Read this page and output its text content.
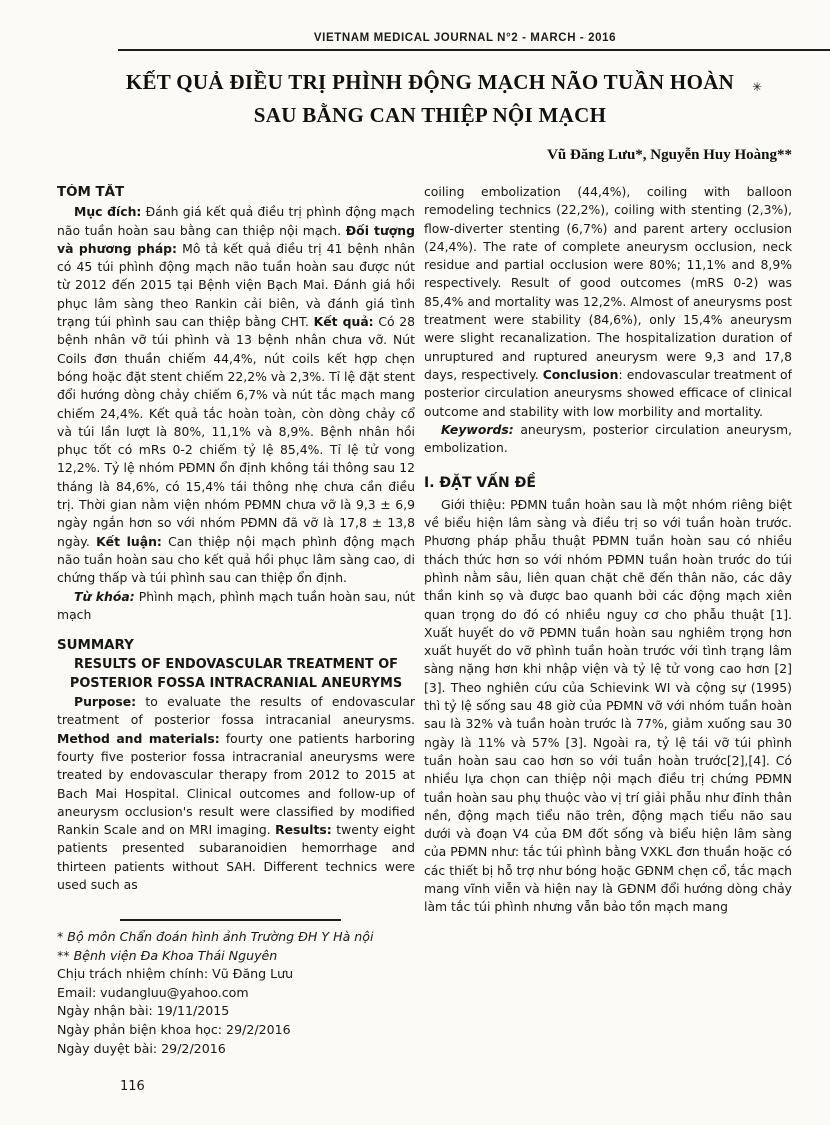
VIETNAM MEDICAL JOURNAL N°2 - MARCH - 2016
KẾT QUẢ ĐIỀU TRỊ PHÌNH ĐỘNG MẠCH NÃO TUẦN HOÀN
SAU BẰNG CAN THIỆP NỘI MẠCH
✳
Vũ Đăng Lưu*, Nguyễn Huy Hoàng**
TÓM TẮT

Mục đích: Đánh giá kết quả điều trị phình động mạch não tuần hoàn sau bằng can thiệp nội mạch. Đối tượng và phương pháp: Mô tả kết quả điều trị 41 bệnh nhân có 45 túi phình động mạch não tuần hoàn sau được nút từ 2012 đến 2015 tại Bệnh viện Bạch Mai. Đánh giá hồi phục lâm sàng theo Rankin cải biên, và đánh giá tình trạng túi phình sau can thiệp bằng CHT. Kết quả: Có 28 bệnh nhân vỡ túi phình và 13 bệnh nhân chưa vỡ. Nút Coils đơn thuần chiếm 44,4%, nút coils kết hợp chẹn bóng hoặc đặt stent chiếm 22,2% và 2,3%. Tỉ lệ đặt stent đổi hướng dòng chảy chiếm 6,7% và nút tắc mạch mang chiếm 24,4%. Kết quả tắc hoàn toàn, còn dòng chảy cổ và túi lần lượt là 80%, 11,1% và 8,9%. Bệnh nhân hồi phục tốt có mRs 0-2 chiếm tỷ lệ 85,4%. Tỉ lệ tử vong 12,2%. Tỷ lệ nhóm PĐMN ổn định không tái thông sau 12 tháng là 84,6%, có 15,4% tái thông nhẹ chưa cần điều trị. Thời gian nằm viện nhóm PĐMN chưa vỡ là 9,3 ± 6,9 ngày ngắn hơn so với nhóm PĐMN đã vỡ là 17,8 ± 13,8 ngày. Kết luận: Can thiệp nội mạch phình động mạch não tuần hoàn sau cho kết quả hồi phục lâm sàng cao, di chứng thấp và túi phình sau can thiệp ổn định.

Từ khóa: Phình mạch, phình mạch tuần hoàn sau, nút mạch

SUMMARY
RESULTS OF ENDOVASCULAR TREATMENT OF POSTERIOR FOSSA INTRACRANIAL ANEURYMS

Purpose: to evaluate the results of endovascular treatment of posterior fossa intracanial aneurysms. Method and materials: fourty one patients harboring fourty five posterior fossa intracranial aneurysms were treated by endovascular therapy from 2012 to 2015 at Bach Mai Hospital. Clinical outcomes and follow-up of aneurysm occlusion's result were classified by modified Rankin Scale and on MRI imaging. Results: twenty eight patients presented subaranoidien hemorrhage and thirteen patients without SAH. Different technics were used such as

coiling embolization (44,4%), coiling with balloon remodeling technics (22,2%), coiling with stenting (2,3%), flow-diverter stenting (6,7%) and parent artery occlusion (24,4%). The rate of complete aneurysm occlusion, neck residue and partial occlusion were 80%; 11,1% and 8,9% respectively. Result of good outcomes (mRS 0-2) was 85,4% and mortality was 12,2%. Almost of aneurysms post treatment were stability (84,6%), only 15,4% aneurysm were slight recanalization. The hospitalization duration of unruptured and ruptured aneurysm were 9,3 and 17,8 days, respectively. Conclusion: endovascular treatment of posterior circulation aneurysms showed efficace of clinical outcome and stability with low morbility and mortality.

Keywords: aneurysm, posterior circulation aneurysm, embolization.

I. ĐẶT VẤN ĐỀ

Giới thiệu: PĐMN tuần hoàn sau là một nhóm riêng biệt về biểu hiện lâm sàng và điều trị so với tuần hoàn trước. Phương pháp phẫu thuật PĐMN tuần hoàn sau có nhiều thách thức hơn so với nhóm PĐMN tuần hoàn trước do túi phình nằm sâu, liên quan chặt chẽ đến thân não, các dây thần kinh sọ và được bao quanh bởi các động mạch xiên quan trọng do đó có nhiều nguy cơ cho phẫu thuật [1]. Xuất huyết do vỡ PĐMN tuần hoàn sau nghiêm trọng hơn xuất huyết do vỡ phình tuần hoàn trước với tình trạng lâm sàng nặng hơn khi nhập viện và tỷ lệ tử vong cao hơn [2][3]. Theo nghiên cứu của Schievink WI và cộng sự (1995) thì tỷ lệ sống sau 48 giờ của PĐMN vỡ với nhóm tuần hoàn sau là 32% và tuần hoàn trước là 77%, giảm xuống sau 30 ngày là 11% và 57% [3]. Ngoài ra, tỷ lệ tái vỡ túi phình tuần hoàn sau cao hơn so với tuần hoàn trước[2],[4]. Có nhiều lựa chọn can thiệp nội mạch điều trị chứng PĐMN tuần hoàn sau phụ thuộc vào vị trí giải phẫu như đỉnh thân nền, động mạch tiểu não trên, động mạch tiểu não sau dưới và đoạn V4 của ĐM đốt sống và biểu hiện lâm sàng của PĐMN như: tắc túi phình bằng VXKL đơn thuần hoặc có các thiết bị hỗ trợ như bóng hoặc GĐNM chẹn cổ, tắc mạch mang vĩnh viễn và hiện nay là GĐNM đổi hướng dòng chảy làm tắc túi phình nhưng vẫn bảo tồn mạch mang

* Bộ môn Chẩn đoán hình ảnh Trường ĐH Y Hà nội
** Bệnh viện Đa Khoa Thái Nguyên
Chịu trách nhiệm chính: Vũ Đăng Lưu
Email: vudangluu@yahoo.com
Ngày nhận bài: 19/11/2015
Ngày phản biện khoa học: 29/2/2016
Ngày duyệt bài: 29/2/2016
116
